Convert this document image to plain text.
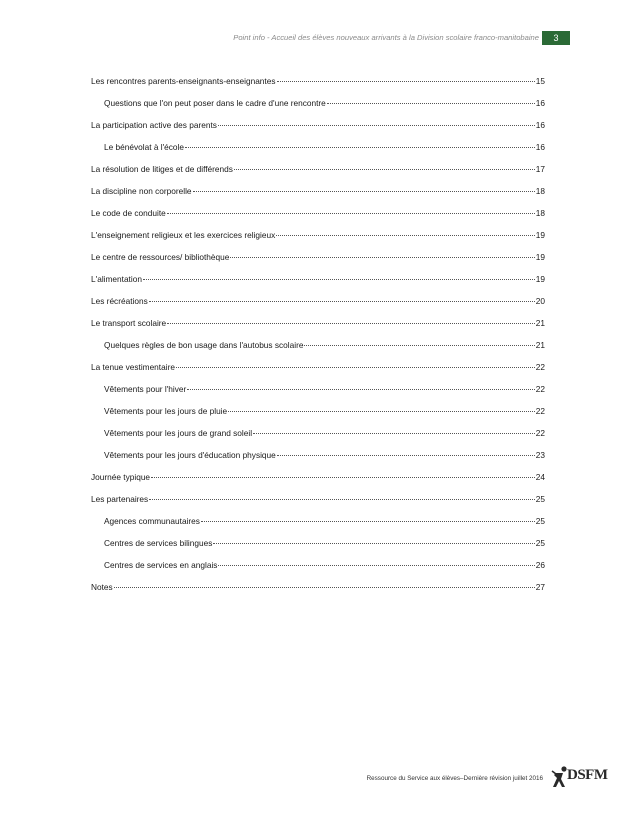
Point info - Accueil des élèves nouveaux arrivants à la Division scolaire franco-manitobaine	3
Les rencontres parents-enseignants-enseignantes	15
Questions que l'on peut poser dans le cadre d'une rencontre	16
La participation active des parents	16
Le bénévolat à l'école	16
La résolution de litiges et de différends	17
La discipline non corporelle	18
Le code de conduite	18
L'enseignement religieux et les exercices religieux	19
Le centre de ressources/ bibliothèque	19
L'alimentation	19
Les récréations	20
Le transport scolaire	21
Quelques règles de bon usage dans l'autobus scolaire	21
La tenue vestimentaire	22
Vêtements pour l'hiver	22
Vêtements pour les jours de pluie	22
Vêtements pour les jours de grand soleil	22
Vêtements pour les jours d'éducation physique	23
Journée typique	24
Les partenaires	25
Agences communautaires	25
Centres de services bilingues	25
Centres de services en anglais	26
Notes	27
Ressource du Service aux élèves–Dernière révision juillet 2016 DSFM
